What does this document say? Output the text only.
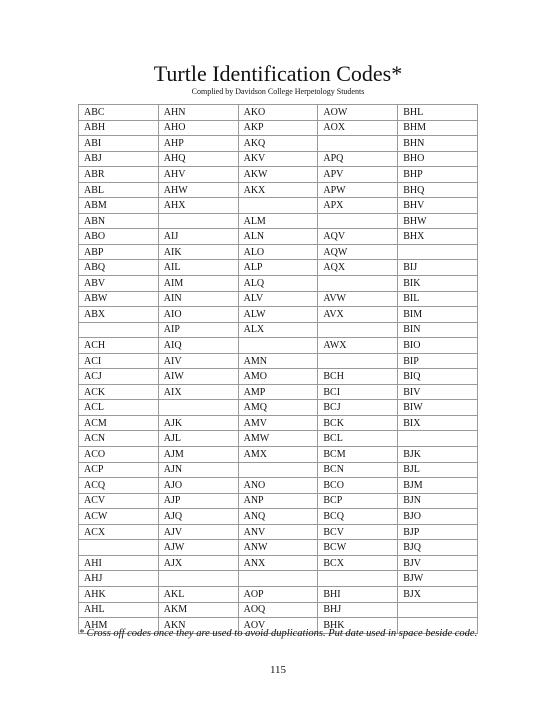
Turtle Identification Codes*
Complied by Davidson College Herpetology Students
ABC	AHN	AKO	AOW	BHL
ABH	AHO	AKP	AOX	BHM
ABI	AHP	AKQ		BHN
ABJ	AHQ	AKV	APQ	BHO
ABR	AHV	AKW	APV	BHP
ABL	AHW	AKX	APW	BHQ
ABM	AHX		APX	BHV
ABN		ALM		BHW
ABO	AIJ	ALN	AQV	BHX
ABP	AIK	ALO	AQW	
ABQ	AIL	ALP	AQX	BIJ
ABV	AIM	ALQ		BIK
ABW	AIN	ALV	AVW	BIL
ABX	AIO	ALW	AVX	BIM
	AIP	ALX		BIN
ACH	AIQ		AWX	BIO
ACI	AIV	AMN		BIP
ACJ	AIW	AMO	BCH	BIQ
ACK	AIX	AMP	BCI	BIV
ACL		AMQ	BCJ	BIW
ACM	AJK	AMV	BCK	BIX
ACN	AJL	AMW	BCL	
ACO	AJM	AMX	BCM	BJK
ACP	AJN		BCN	BJL
ACQ	AJO	ANO	BCO	BJM
ACV	AJP	ANP	BCP	BJN
ACW	AJQ	ANQ	BCQ	BJO
ACX	AJV	ANV	BCV	BJP
	AJW	ANW	BCW	BJQ
AHI	AJX	ANX	BCX	BJV
AHJ				BJW
AHK	AKL	AOP	BHI	BJX
AHL	AKM	AOQ	BHJ	
AHM	AKN	AOV	BHK	
* Cross off codes once they are used to avoid duplications. Put date used in space beside code.
115
